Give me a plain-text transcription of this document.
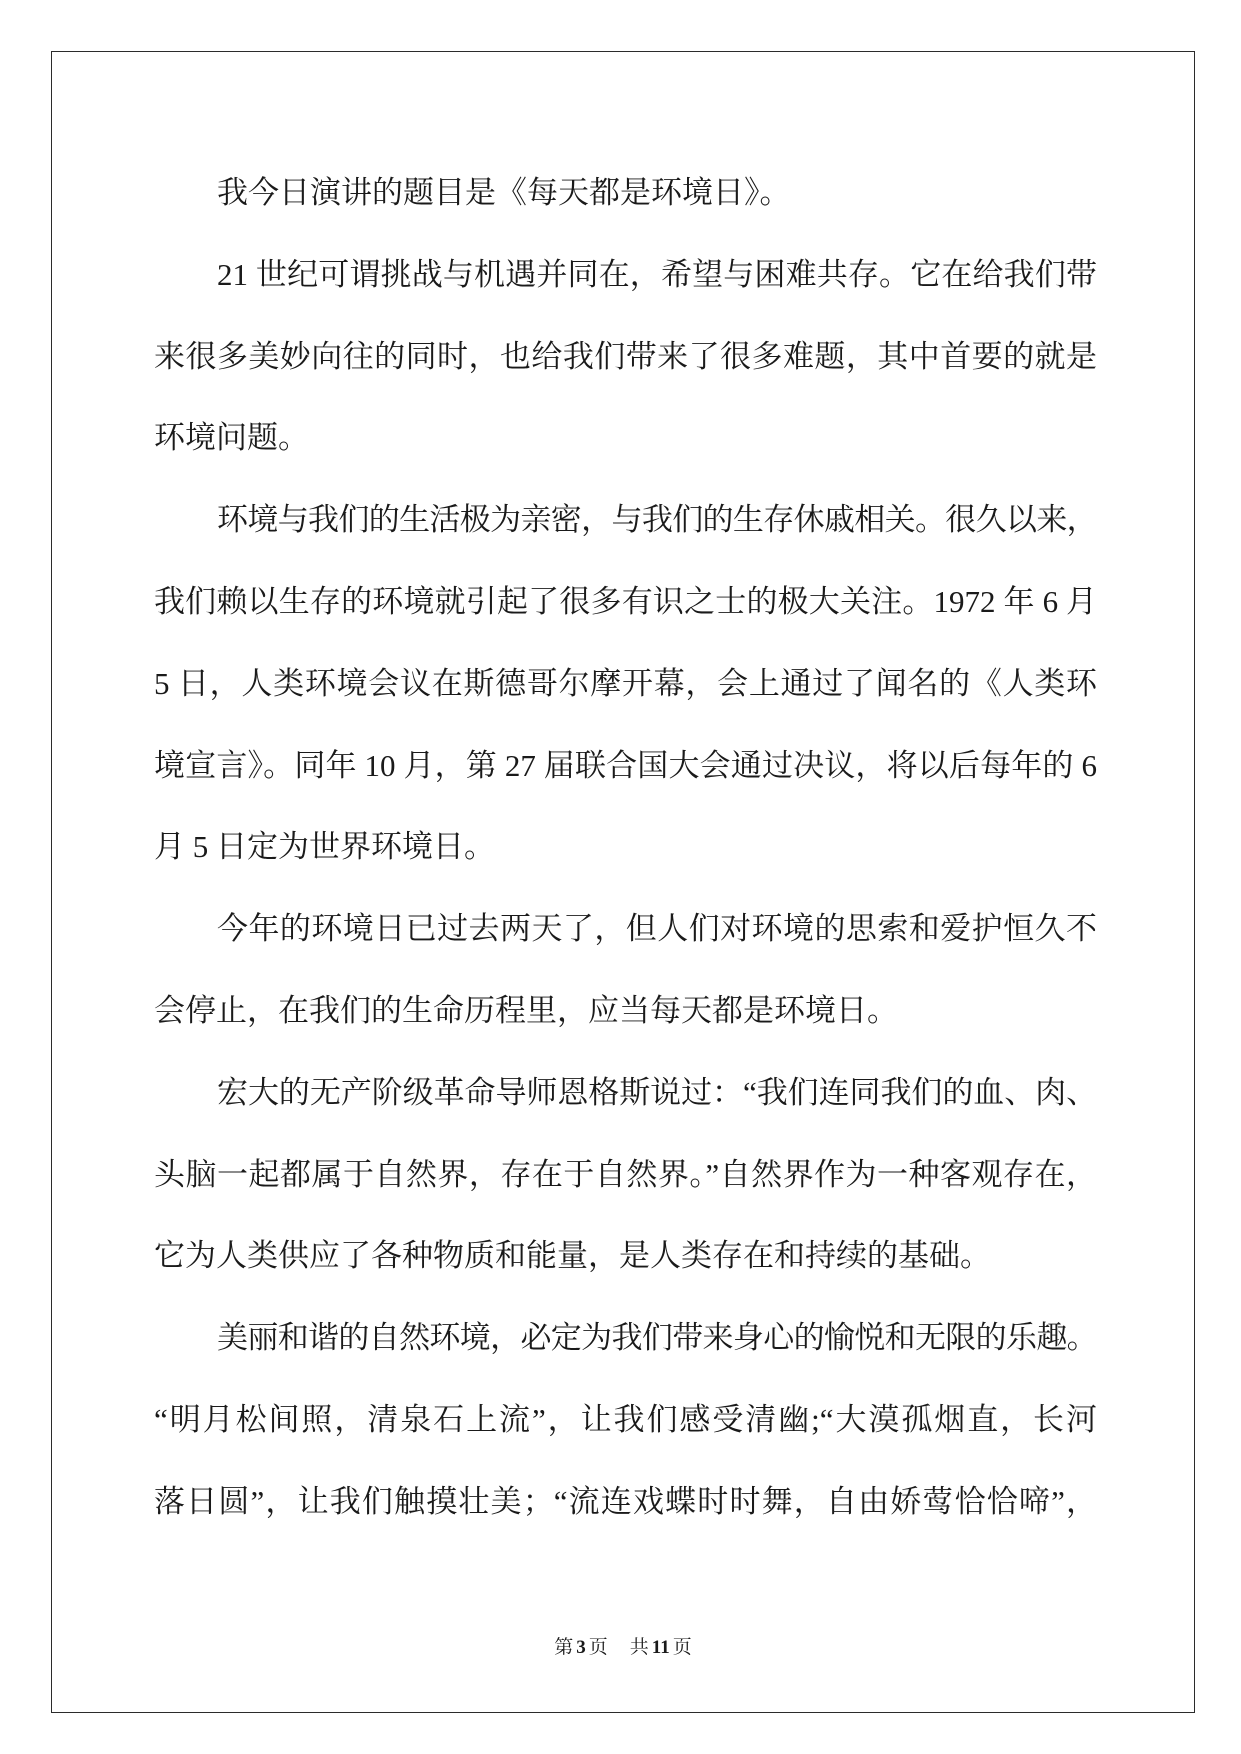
我今日演讲的题目是《每天都是环境日》。
21 世纪可谓挑战与机遇并同在，希望与困难共存。它在给我们带
来很多美妙向往的同时，也给我们带来了很多难题，其中首要的就是
环境问题。
环境与我们的生活极为亲密，与我们的生存休戚相关。很久以来，
我们赖以生存的环境就引起了很多有识之士的极大关注。1972 年 6 月
5 日，人类环境会议在斯德哥尔摩开幕，会上通过了闻名的《人类环
境宣言》。同年 10 月，第 27 届联合国大会通过决议，将以后每年的 6
月 5 日定为世界环境日。
今年的环境日已过去两天了，但人们对环境的思索和爱护恒久不
会停止，在我们的生命历程里，应当每天都是环境日。
宏大的无产阶级革命导师恩格斯说过：“我们连同我们的血、肉、
头脑一起都属于自然界，存在于自然界。”自然界作为一种客观存在，
它为人类供应了各种物质和能量，是人类存在和持续的基础。
美丽和谐的自然环境，必定为我们带来身心的愉悦和无限的乐趣。
“明月松间照，清泉石上流”，让我们感受清幽;“大漠孤烟直，长河
落日圆”，让我们触摸壮美；“流连戏蝶时时舞，自由娇莺恰恰啼”，
第 3 页 共 11 页
